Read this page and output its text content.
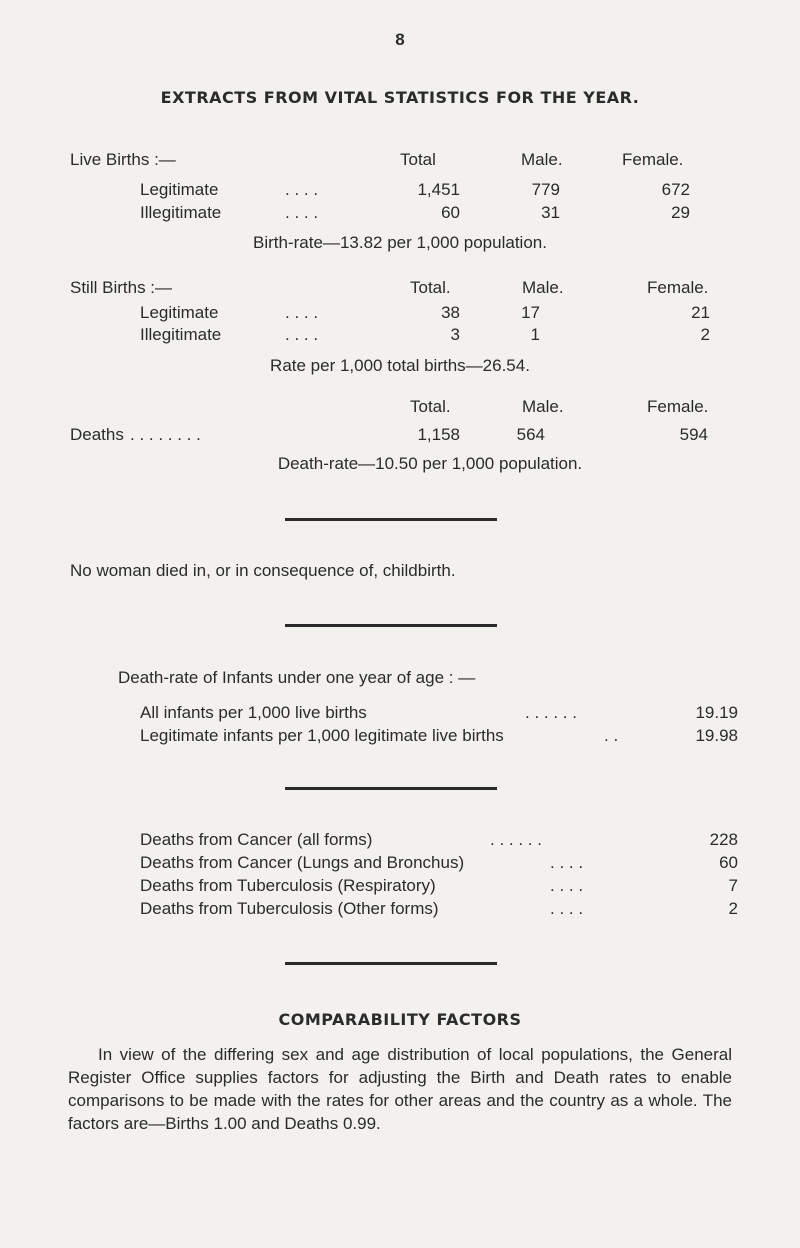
8
EXTRACTS FROM VITAL STATISTICS FOR THE YEAR.
Live Births :—	Total	Male.	Female.
Legitimate	. . . .	1,451	779	672
Illegitimate	. . . .	60	31	29
Birth-rate—13.82 per 1,000 population.
Still Births :—	Total.	Male.	Female.
Legitimate	. . . .	38	17	21
Illegitimate	. . . .	3	1	2
Rate per 1,000 total births—26.54.
Total.	Male.	Female.
Deaths . . . . . . . .	1,158	564	594
Death-rate—10.50 per 1,000 population.
No woman died in, or in consequence of, childbirth.
Death-rate of Infants under one year of age : —
All infants per 1,000 live births	. . . . . .	19.19
Legitimate infants per 1,000 legitimate live births	. .	19.98
Deaths from Cancer (all forms)	. . . . . .	228
Deaths from Cancer (Lungs and Bronchus)	. . . .	60
Deaths from Tuberculosis (Respiratory)	. . . .	7
Deaths from Tuberculosis (Other forms)	. . . .	2
COMPARABILITY FACTORS
In view of the differing sex and age distribution of local populations, the General Register Office supplies factors for adjusting the Birth and Death rates to enable comparisons to be made with the rates for other areas and the country as a whole. The factors are—Births 1.00 and Deaths 0.99.
